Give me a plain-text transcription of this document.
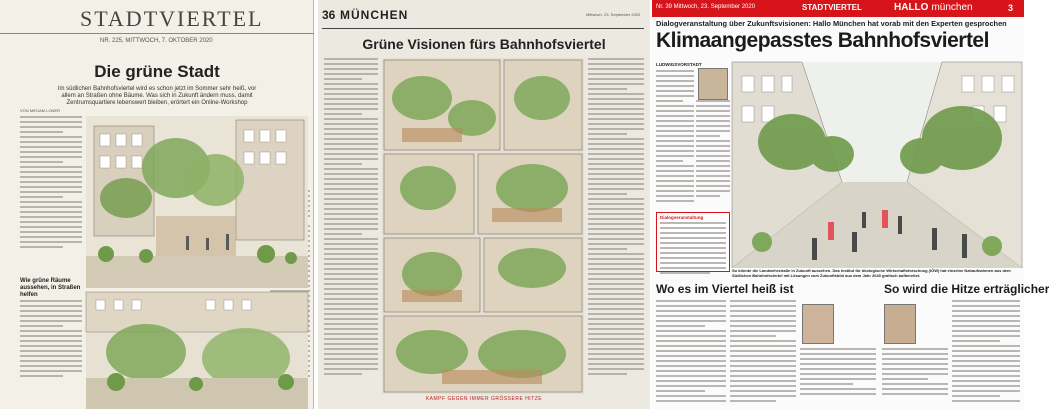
STADTVIERTEL
NR. 225, MITTWOCH, 7. OKTOBER 2020
Die grüne Stadt
Im südlichen Bahnhofsviertel wird es schon jetzt im Sommer sehr heiß, vor allem an Straßen ohne Bäume. Was sich in Zukunft ändern muss, damit Zentrumsquartiere lebenswert bleiben, erörtert ein Online-Workshop
VON MIRJAM LONER
Wie grüne Räume aussehen, in Straßen helfen
36 MÜNCHEN	Mittwoch, 23. September 2020
Grüne Visionen fürs Bahnhofsviertel
KAMPF GEGEN IMMER GRÖSSERE HITZE
Nr. 39 Mittwoch, 23. September 2020	STADTVIERTEL	HALLO münchen	3
Dialogveranstaltung über Zukunftsvisionen: Hallo München hat vorab mit den Experten gesprochen
Klimaangepasstes Bahnhofsviertel
LUDWIGSVORSTADT
Dialogveranstaltung
So könnte die Landwehrstraße in Zukunft aussehen. Das Institut für ökologische Wirtschaftsforschung (IÖW) hat einzelne Nahaufnahmen aus dem Südlichen Bahnhofsviertel mit Lösungen zum Zukunftsbild aus dem Jahr 2040 grafisch aufbereitet.
Wo es im Viertel heiß ist	So wird die Hitze erträglicher
